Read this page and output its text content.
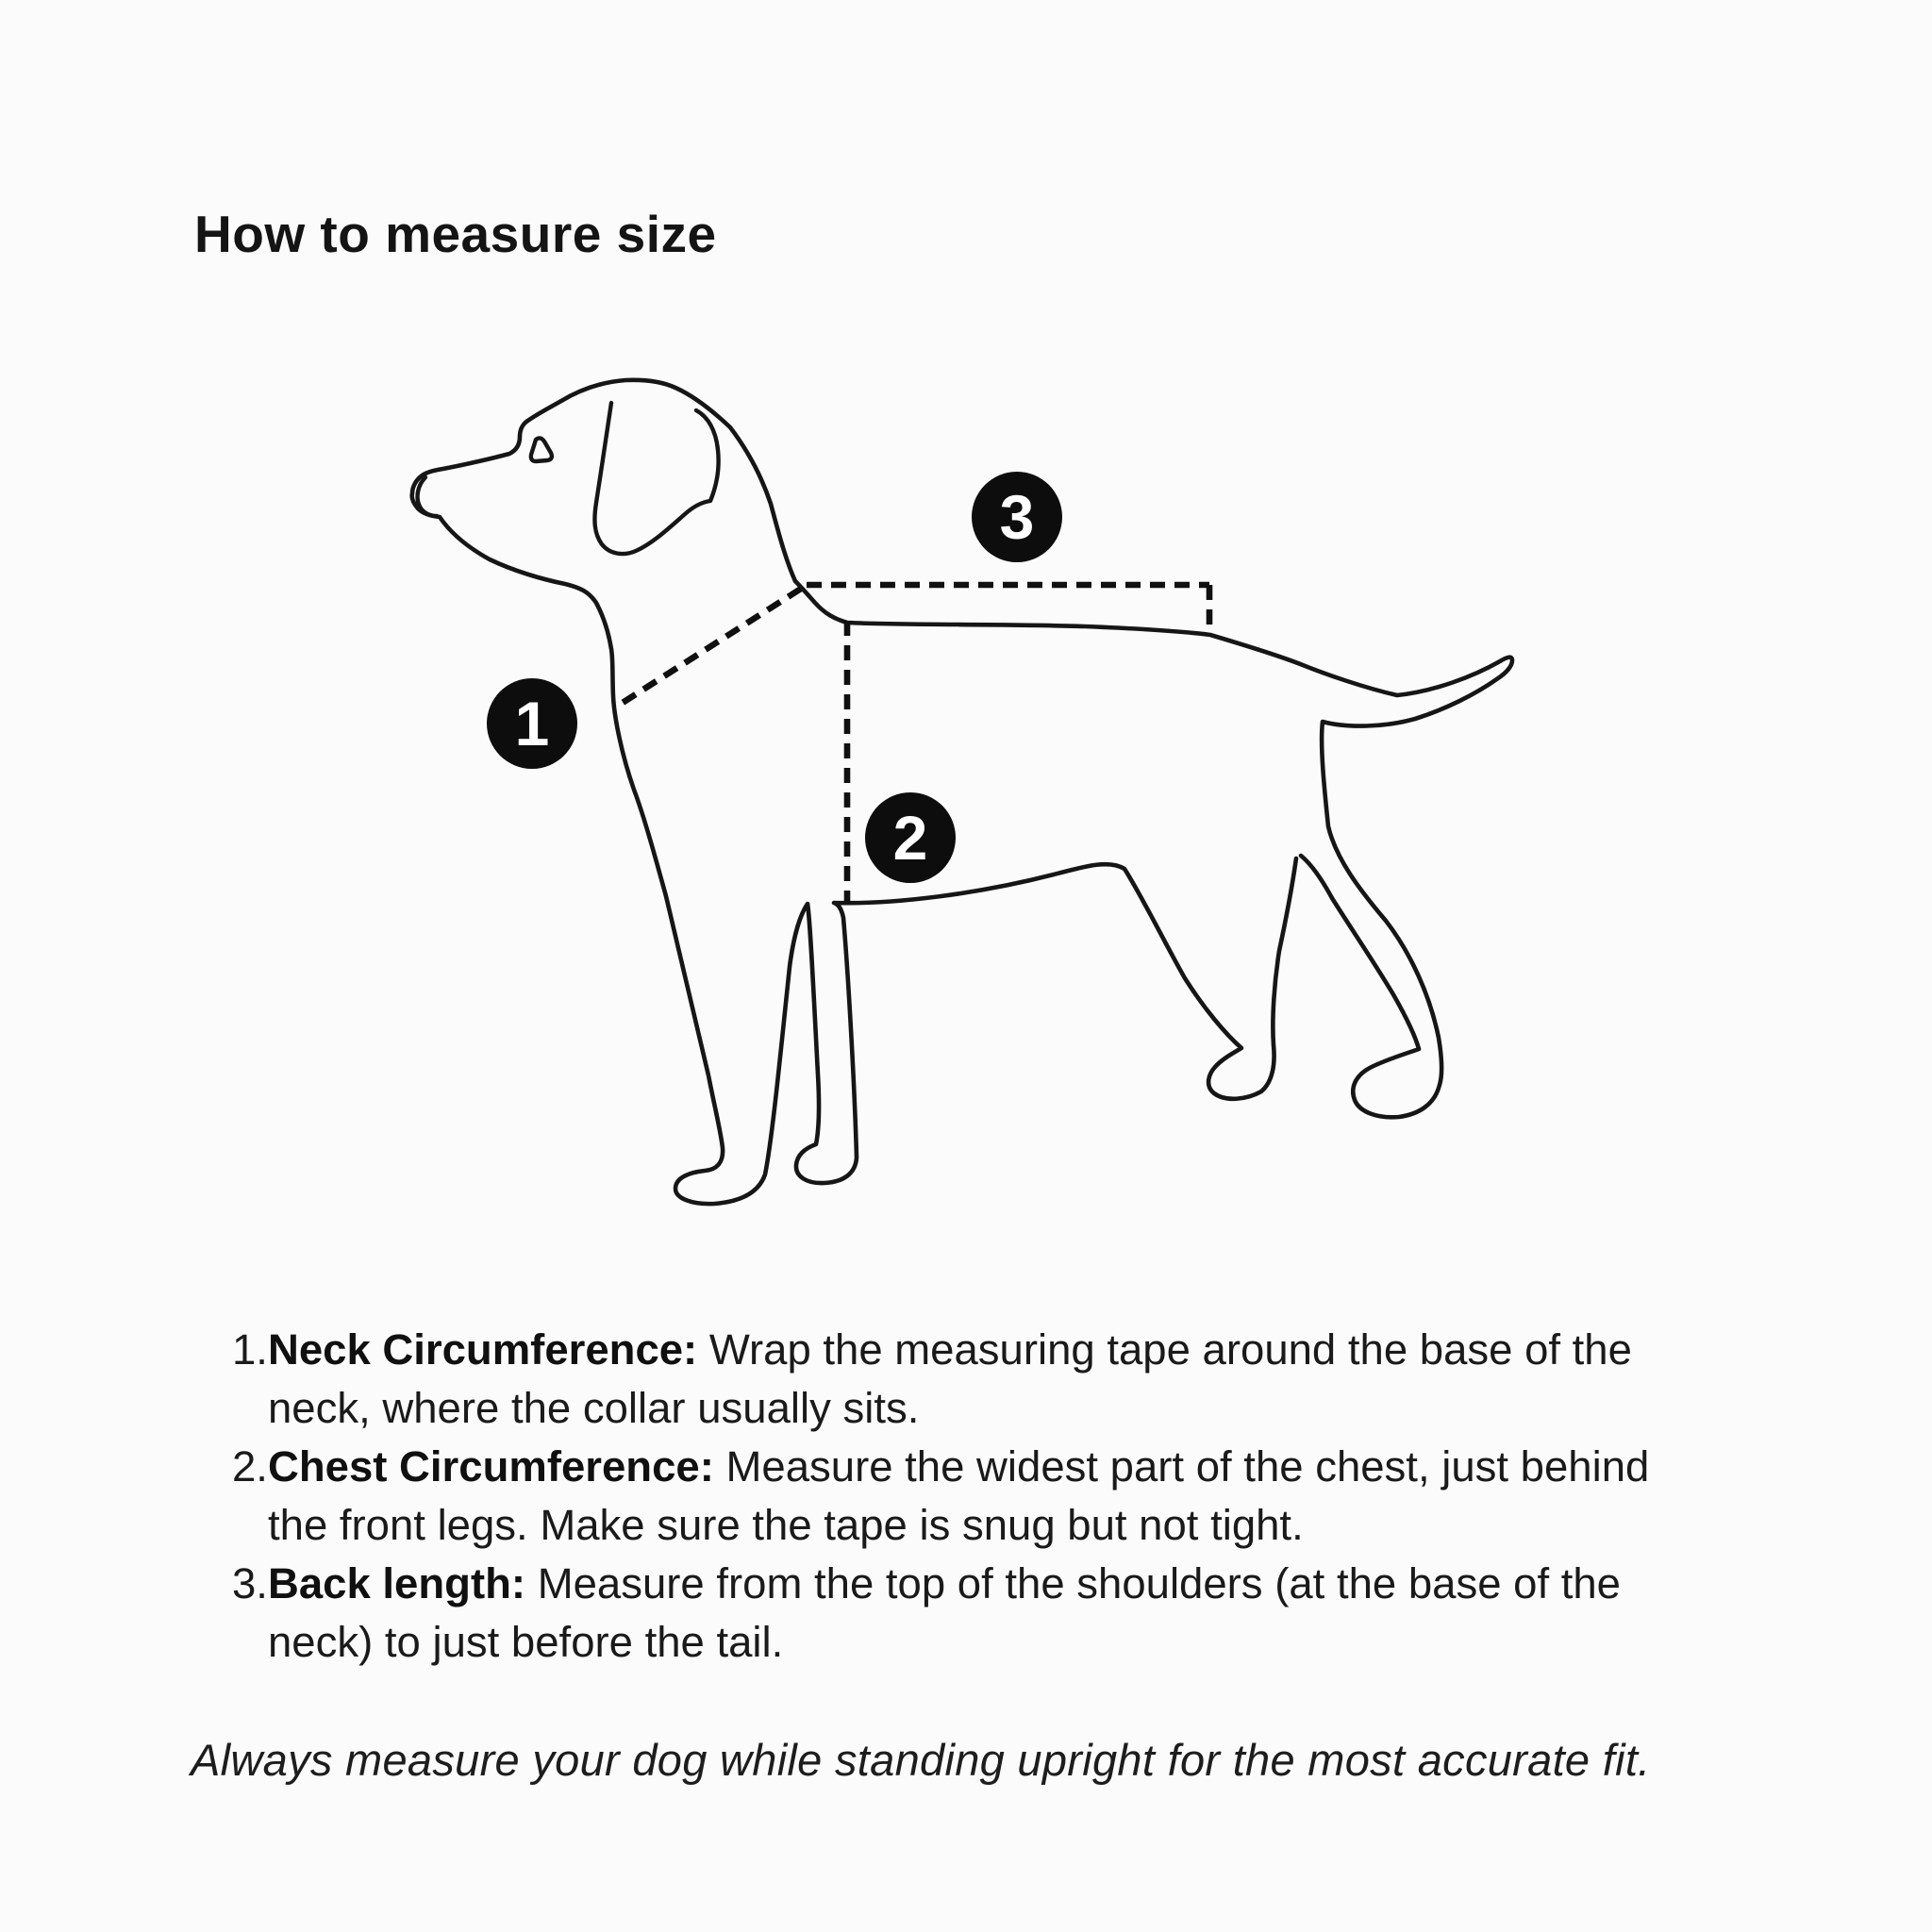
How to measure size
1
2
3
1. Neck Circumference: Wrap the measuring tape around the base of the
neck, where the collar usually sits.
2. Chest Circumference: Measure the widest part of the chest, just behind
the front legs. Make sure the tape is snug but not tight.
3. Back length: Measure from the top of the shoulders (at the base of the
neck) to just before the tail.
Always measure your dog while standing upright for the most accurate fit.
